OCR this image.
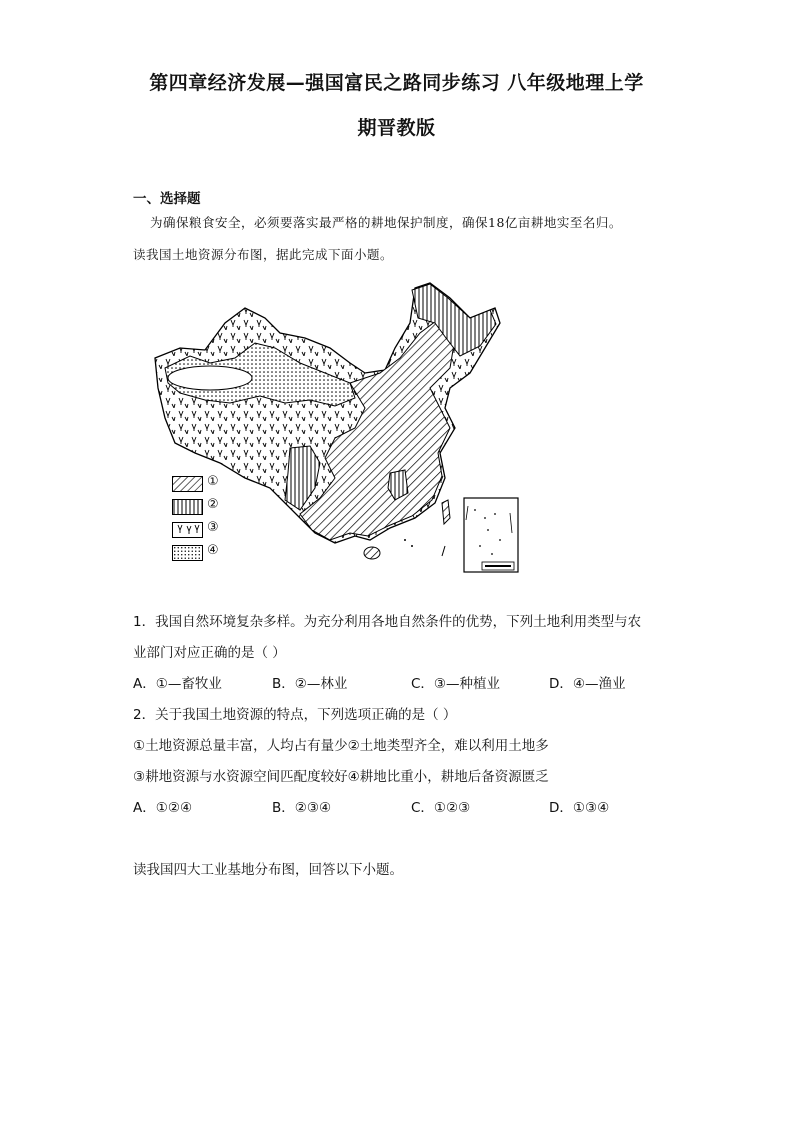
第四章经济发展—强国富民之路同步练习 八年级地理上学
期晋教版
一、选择题
为确保粮食安全，必须要落实最严格的耕地保护制度，确保18亿亩耕地实至名归。
读我国土地资源分布图，据此完成下面小题。
①
②
③
④
1．我国自然环境复杂多样。为充分利用各地自然条件的优势，下列土地利用类型与农
业部门对应正确的是（ ）
A．①—畜牧业	B．②—林业	C．③—种植业	D．④—渔业
2．关于我国土地资源的特点，下列选项正确的是（ ）
①土地资源总量丰富，人均占有量少②土地类型齐全，难以利用土地多
③耕地资源与水资源空间匹配度较好④耕地比重小，耕地后备资源匮乏
A．①②④	B．②③④	C．①②③	D．①③④
读我国四大工业基地分布图，回答以下小题。
